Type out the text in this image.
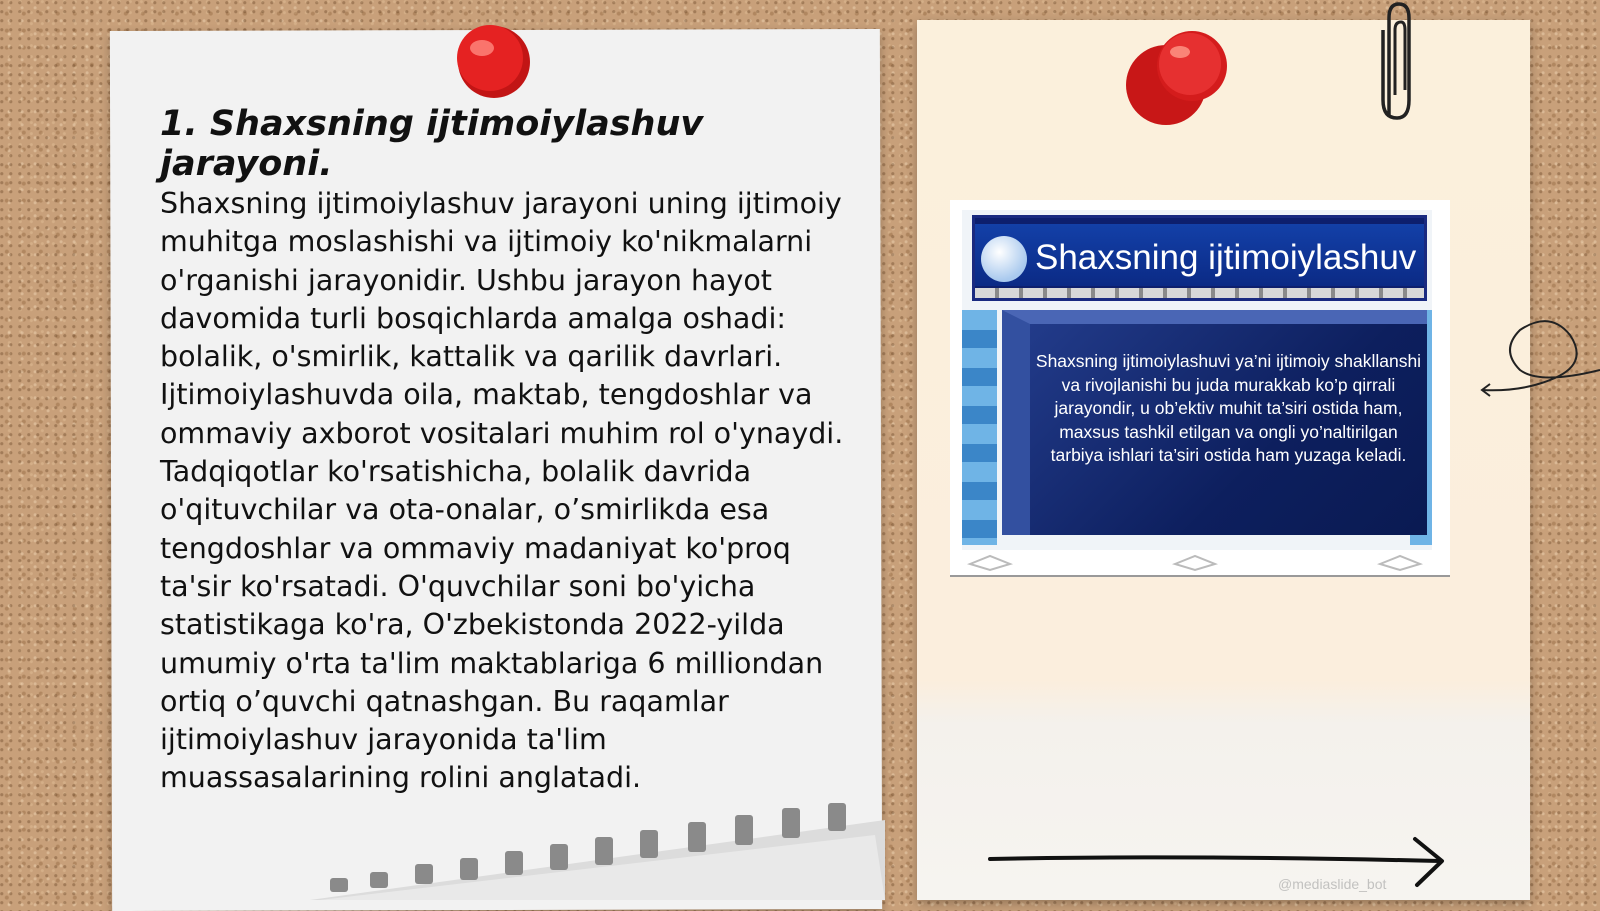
1. Shaxsning ijtimoiylashuv jarayoni.

Shaxsning ijtimoiylashuv jarayoni uning ijtimoiy muhitga moslashishi va ijtimoiy ko'nikmalarni o'rganishi jarayonidir. Ushbu jarayon hayot davomida turli bosqichlarda amalga oshadi: bolalik, o'smirlik, kattalik va qarilik davrlari. Ijtimoiylashuvda oila, maktab, tengdoshlar va ommaviy axborot vositalari muhim rol o'ynaydi. Tadqiqotlar ko'rsatishicha, bolalik davrida o'qituvchilar va ota-onalar, o’smirlikda esa tengdoshlar va ommaviy madaniyat ko'proq ta'sir ko'rsatadi. O'quvchilar soni bo'yicha statistikaga ko'ra, O'zbekistonda 2022-yilda umumiy o'rta ta'lim maktablariga 6 milliondan ortiq o’quvchi qatnashgan. Bu raqamlar ijtimoiylashuv jarayonida ta'lim muassasalarining rolini anglatadi.

Shaxsning ijtimoiylashuv

Shaxsning ijtimoiylashuvi ya’ni ijtimoiy shakllanshi va rivojlanishi bu juda murakkab ko’p qirrali jarayondir, u ob’ektiv muhit ta’siri ostida ham, maxsus tashkil etilgan va ongli yo’naltirilgan tarbiya ishlari ta’siri ostida ham yuzaga keladi.

@mediaslide_bot
